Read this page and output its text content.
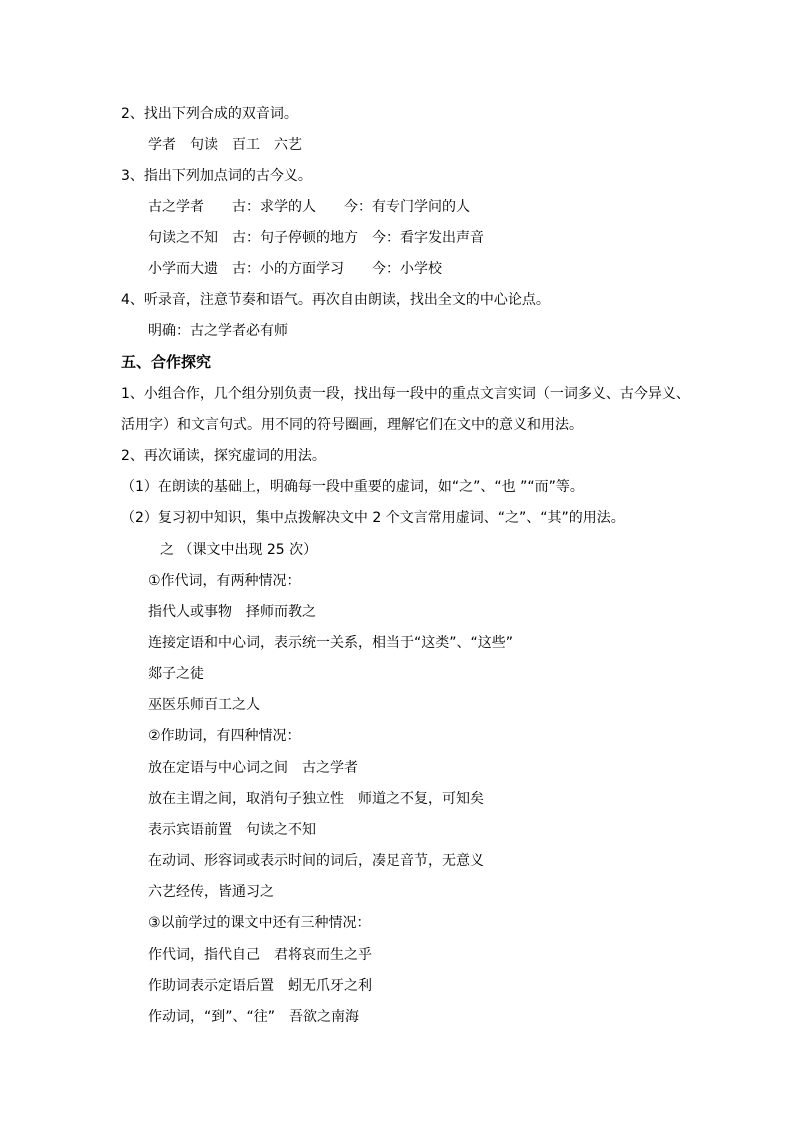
2、找出下列合成的双音词。
学者　句读　百工　六艺
3、指出下列加点词的古今义。
古之学者　　古：求学的人　　今：有专门学问的人
句读之不知　古：句子停顿的地方　今：看字发出声音
小学而大遗　古：小的方面学习　　今：小学校
4、听录音，注意节奏和语气。再次自由朗读，找出全文的中心论点。
明确：古之学者必有师
五、合作探究
1、小组合作，几个组分别负责一段，找出每一段中的重点文言实词（一词多义、古今异义、
活用字）和文言句式。用不同的符号圈画，理解它们在文中的意义和用法。
2、再次诵读，探究虚词的用法。
（1）在朗读的基础上，明确每一段中重要的虚词，如“之”、“也 ”“而”等。
（2）复习初中知识，集中点拨解决文中 2 个文言常用虚词、“之”、“其”的用法。
之 （课文中出现 25 次）
①作代词，有两种情况：
指代人或事物　择师而教之
连接定语和中心词，表示统一关系，相当于“这类”、“这些”
郯子之徒
巫医乐师百工之人
②作助词，有四种情况：
放在定语与中心词之间　古之学者
放在主谓之间，取消句子独立性　师道之不复，可知矣
表示宾语前置　句读之不知
在动词、形容词或表示时间的词后，凑足音节，无意义
六艺经传，皆通习之
③以前学过的课文中还有三种情况：
作代词，指代自己　君将哀而生之乎
作助词表示定语后置　蚓无爪牙之利
作动词，“到”、“往”　吾欲之南海
